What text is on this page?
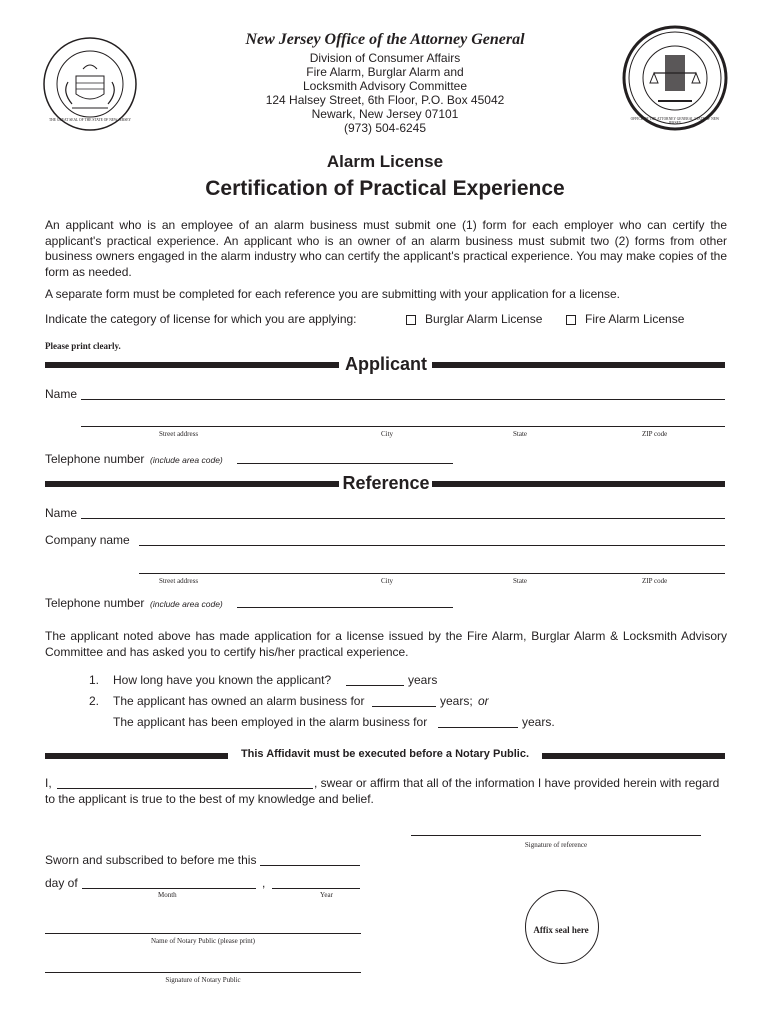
THE GREAT SEAL OF THE STATE OF NEW JERSEY	OFFICE OF THE ATTORNEY GENERAL STATE OF NEW JERSEY
New Jersey Office of the Attorney General
Division of Consumer Affairs
Fire Alarm, Burglar Alarm and
Locksmith Advisory Committee
124 Halsey Street, 6th Floor, P.O. Box 45042
Newark, New Jersey 07101
(973) 504-6245
Alarm License
Certification of Practical Experience
An applicant who is an employee of an alarm business must submit one (1) form for each employer who can certify the applicant's practical experience. An applicant who is an owner of an alarm business must submit two (2) forms from other business owners engaged in the alarm industry who can certify the applicant's practical experience. You may make copies of the form as needed.
A separate form must be completed for each reference you are submitting with your application for a license.
Indicate the category of license for which you are applying:	Burglar Alarm License	Fire Alarm License
Please print clearly.
Applicant
Name
Street address	City	State	ZIP code
Telephone number (include area code)
Reference
Name
Company name
Street address	City	State	ZIP code
Telephone number (include area code)
The applicant noted above has made application for a license issued by the Fire Alarm, Burglar Alarm & Locksmith Advisory Committee and has asked you to certify his/her practical experience.
1. How long have you known the applicant?	years
2. The applicant has owned an alarm business for	years; or
The applicant has been employed in the alarm business for	years.
This Affidavit must be executed before a Notary Public.
I,	, swear or affirm that all of the information I have provided herein with regard
to the applicant is true to the best of my knowledge and belief.
Signature of reference
Sworn and subscribed to before me this
day of	,
Month	Year
Name of Notary Public (please print)
Signature of Notary Public
Affix seal here
